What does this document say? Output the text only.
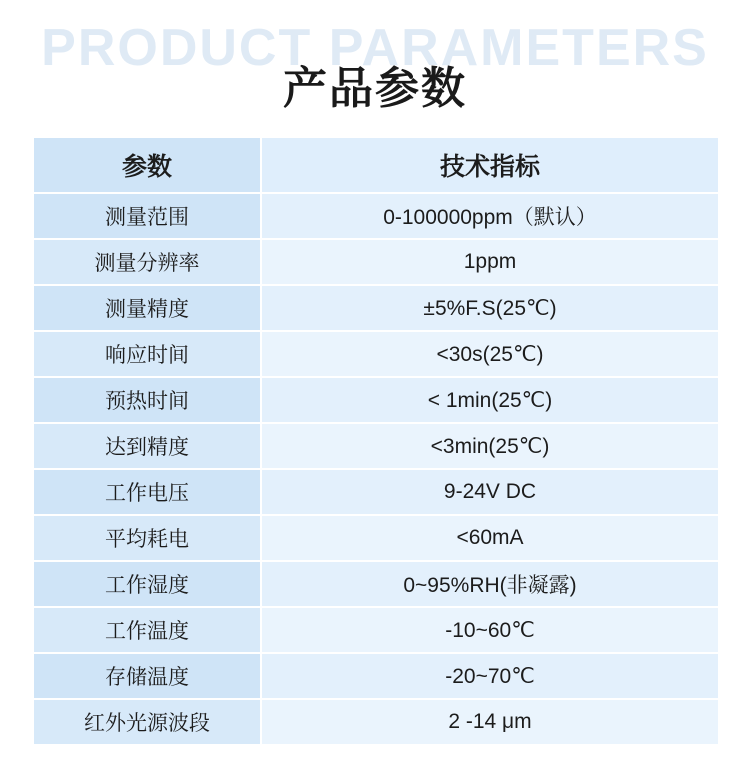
PRODUCT PARAMETERS
产品参数
参数	技术指标
测量范围	0-100000ppm（默认）
测量分辨率	1ppm
测量精度	±5%F.S(25℃)
响应时间	<30s(25℃)
预热时间	< 1min(25℃)
达到精度	<3min(25℃)
工作电压	9-24V DC
平均耗电	<60mA
工作湿度	0~95%RH(非凝露)
工作温度	-10~60℃
存储温度	-20~70℃
红外光源波段	2 -14 μm
